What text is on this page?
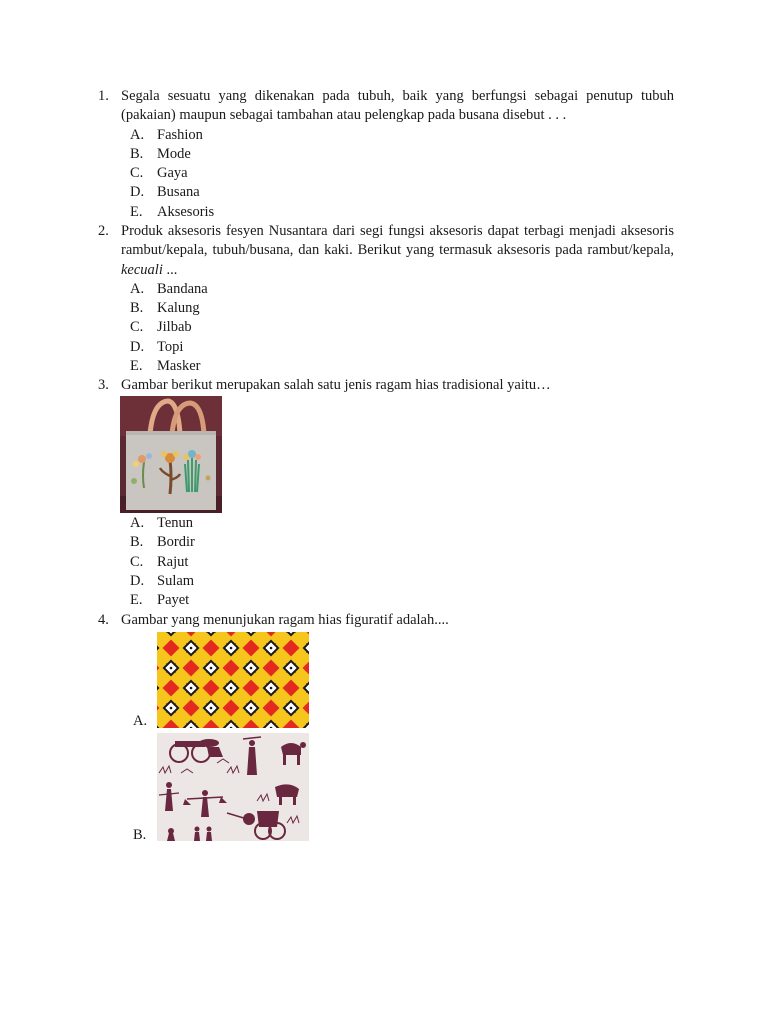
1. Segala sesuatu yang dikenakan pada tubuh, baik yang berfungsi sebagai penutup tubuh (pakaian) maupun sebagai tambahan atau pelengkap pada busana disebut . . .
A. Fashion
B. Mode
C. Gaya
D. Busana
E. Aksesoris
2. Produk aksesoris fesyen Nusantara dari segi fungsi aksesoris dapat terbagi menjadi aksesoris rambut/kepala, tubuh/busana, dan kaki. Berikut yang termasuk aksesoris pada rambut/kepala, kecuali ...
A. Bandana
B. Kalung
C. Jilbab
D. Topi
E. Masker
3. Gambar berikut merupakan salah satu jenis ragam hias tradisional yaitu…
A. Tenun
B. Bordir
C. Rajut
D. Sulam
E. Payet
4. Gambar yang menunjukan ragam hias figuratif adalah....
A.
B.
